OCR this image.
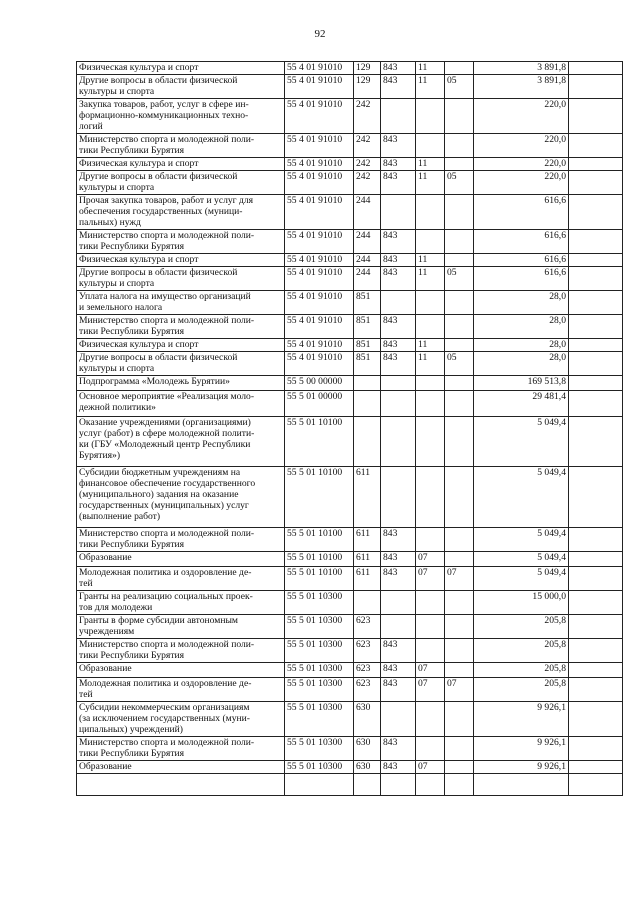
92
Физическая культура и спорт	55 4 01 91010	129	843	11		3 891,8	
Другие вопросы в области физической
культуры и спорта	55 4 01 91010	129	843	11	05	3 891,8	
Закупка товаров, работ, услуг в сфере ин-
формационно-коммуникационных техно-
логий	55 4 01 91010	242				220,0	
Министерство спорта и молодежной поли-
тики Республики Бурятия	55 4 01 91010	242	843			220,0	
Физическая культура и спорт	55 4 01 91010	242	843	11		220,0	
Другие вопросы в области физической
культуры и спорта	55 4 01 91010	242	843	11	05	220,0	
Прочая закупка товаров, работ и услуг для
обеспечения государственных (муници-
пальных) нужд	55 4 01 91010	244				616,6	
Министерство спорта и молодежной поли-
тики Республики Бурятия	55 4 01 91010	244	843			616,6	
Физическая культура и спорт	55 4 01 91010	244	843	11		616,6	
Другие вопросы в области физической
культуры и спорта	55 4 01 91010	244	843	11	05	616,6	
Уплата налога на имущество организаций
и земельного налога	55 4 01 91010	851				28,0	
Министерство спорта и молодежной поли-
тики Республики Бурятия	55 4 01 91010	851	843			28,0	
Физическая культура и спорт	55 4 01 91010	851	843	11		28,0	
Другие вопросы в области физической
культуры и спорта	55 4 01 91010	851	843	11	05	28,0	
Подпрограмма «Молодежь Бурятии»	55 5 00 00000					169 513,8	
Основное мероприятие «Реализация моло-
дежной политики»	55 5 01 00000					29 481,4	
Оказание учреждениями (организациями)
услуг (работ) в сфере молодежной полити-
ки (ГБУ «Молодежный центр Республики
Бурятия»)	55 5 01 10100					5 049,4	
Субсидии бюджетным учреждениям на
финансовое обеспечение государственного
(муниципального) задания на оказание
государственных (муниципальных) услуг
(выполнение работ)	55 5 01 10100	611				5 049,4	
Министерство спорта и молодежной поли-
тики Республики Бурятия	55 5 01 10100	611	843			5 049,4	
Образование	55 5 01 10100	611	843	07		5 049,4	
Молодежная политика и оздоровление де-
тей	55 5 01 10100	611	843	07	07	5 049,4	
Гранты на реализацию социальных проек-
тов для молодежи	55 5 01 10300					15 000,0	
Гранты в форме субсидии автономным
учреждениям	55 5 01 10300	623				205,8	
Министерство спорта и молодежной поли-
тики Республики Бурятия	55 5 01 10300	623	843			205,8	
Образование	55 5 01 10300	623	843	07		205,8	
Молодежная политика и оздоровление де-
тей	55 5 01 10300	623	843	07	07	205,8	
Субсидии некоммерческим организациям
(за исключением государственных (муни-
ципальных) учреждений)	55 5 01 10300	630				9 926,1	
Министерство спорта и молодежной поли-
тики Республики Бурятия	55 5 01 10300	630	843			9 926,1	
Образование	55 5 01 10300	630	843	07		9 926,1	
